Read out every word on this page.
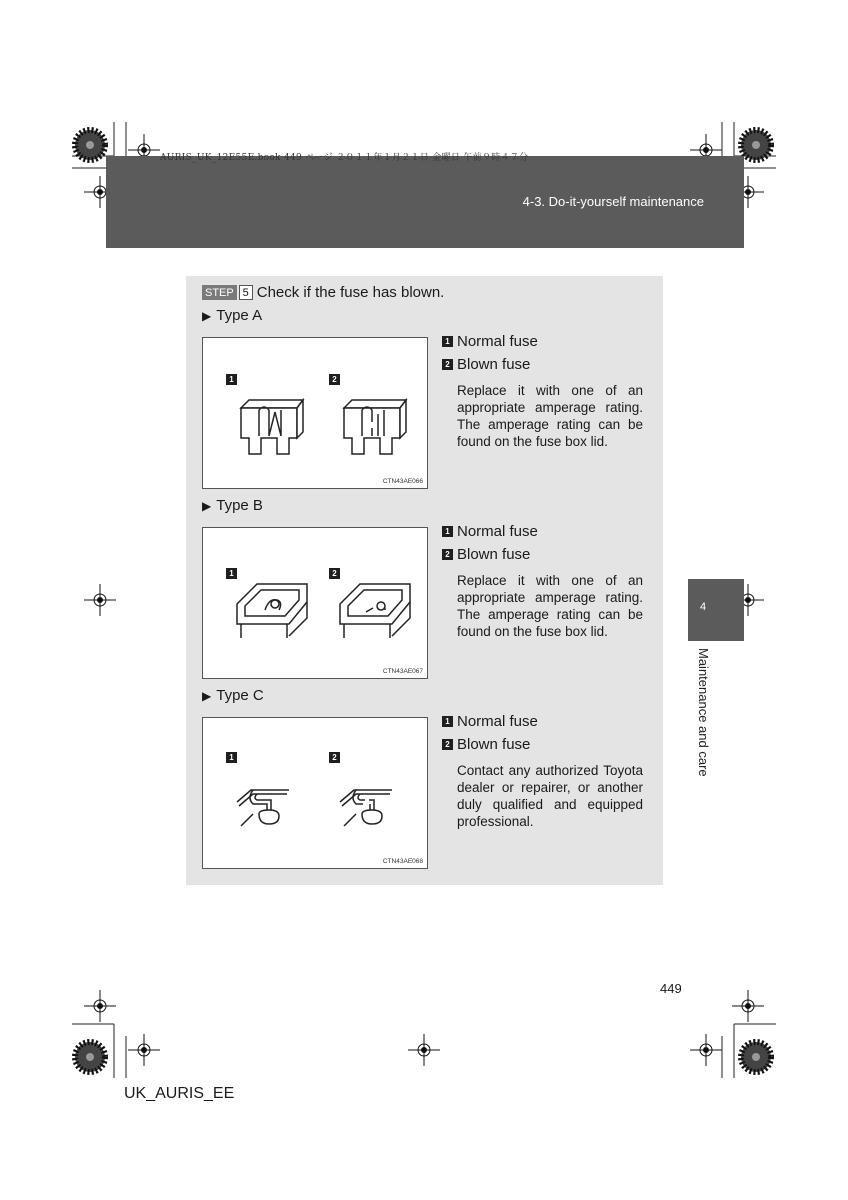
4-3. Do-it-yourself maintenance
AURIS_UK_12E55E.book 449 ページ ２０１１年１月２１日 金曜日 午前９時４７分
STEP 5 Check if the fuse has blown.
▶ Type A
1	2
CTN43AE066
1 Normal fuse
2 Blown fuse
Replace it with one of an appropriate amperage rating. The amperage rating can be found on the fuse box lid.
▶ Type B
1	2
CTN43AE067
1 Normal fuse
2 Blown fuse
Replace it with one of an appropriate amperage rating. The amperage rating can be found on the fuse box lid.
▶ Type C
1	2
CTN43AE068
1 Normal fuse
2 Blown fuse
Contact any authorized Toyota dealer or repairer, or another duly qualified and equipped professional.
4
Maintenance and care
449
UK_AURIS_EE
